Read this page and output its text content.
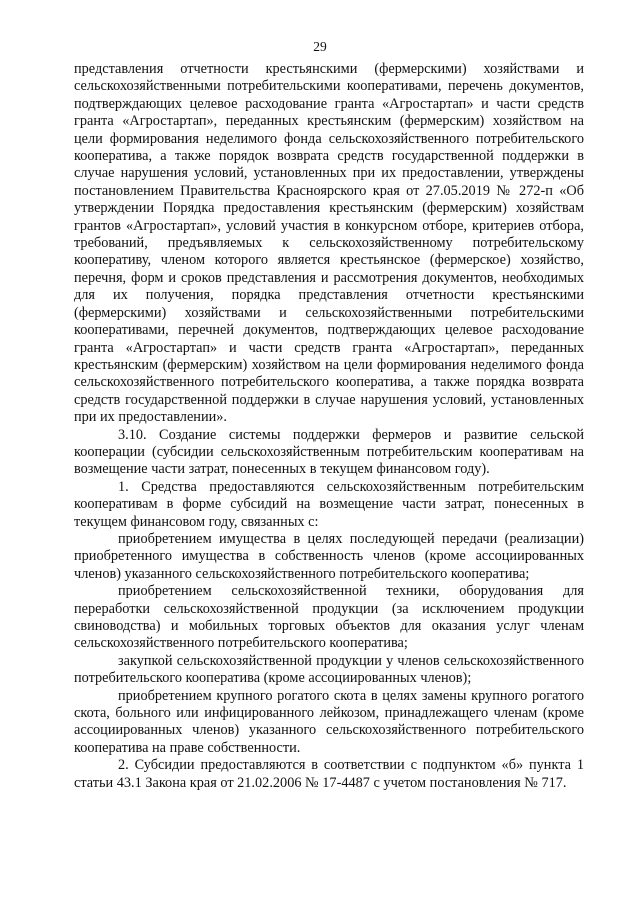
29

представления отчетности крестьянскими (фермерскими) хозяйствами и сельскохозяйственными потребительскими кооперативами, перечень документов, подтверждающих целевое расходование гранта «Агростартап» и части средств гранта «Агростартап», переданных крестьянским (фермерским) хозяйством на цели формирования неделимого фонда сельскохозяйственного потребительского кооператива, а также порядок возврата средств государственной поддержки в случае нарушения условий, установленных при их предоставлении, утверждены постановлением Правительства Красноярского края от 27.05.2019 № 272-п «Об утверждении Порядка предоставления крестьянским (фермерским) хозяйствам грантов «Агростартап», условий участия в конкурсном отборе, критериев отбора, требований, предъявляемых к сельскохозяйственному потребительскому кооперативу, членом которого является крестьянское (фермерское) хозяйство, перечня, форм и сроков представления и рассмотрения документов, необходимых для их получения, порядка представления отчетности крестьянскими (фермерскими) хозяйствами и сельскохозяйственными потребительскими кооперативами, перечней документов, подтверждающих целевое расходование гранта «Агростартап» и части средств гранта «Агростартап», переданных крестьянским (фермерским) хозяйством на цели формирования неделимого фонда сельскохозяйственного потребительского кооператива, а также порядка возврата средств государственной поддержки в случае нарушения условий, установленных при их предоставлении».

3.10. Создание системы поддержки фермеров и развитие сельской кооперации (субсидии сельскохозяйственным потребительским кооперативам на возмещение части затрат, понесенных в текущем финансовом году).

1. Средства предоставляются сельскохозяйственным потребительским кооперативам в форме субсидий на возмещение части затрат, понесенных в текущем финансовом году, связанных с:

приобретением имущества в целях последующей передачи (реализации) приобретенного имущества в собственность членов (кроме ассоциированных членов) указанного сельскохозяйственного потребительского кооператива;

приобретением сельскохозяйственной техники, оборудования для переработки сельскохозяйственной продукции (за исключением продукции свиноводства) и мобильных торговых объектов для оказания услуг членам сельскохозяйственного потребительского кооператива;

закупкой сельскохозяйственной продукции у членов сельскохозяйственного потребительского кооператива (кроме ассоциированных членов);

приобретением крупного рогатого скота в целях замены крупного рогатого скота, больного или инфицированного лейкозом, принадлежащего членам (кроме ассоциированных членов) указанного сельскохозяйственного потребительского кооператива на праве собственности.

2. Субсидии предоставляются в соответствии с подпунктом «б» пункта 1 статьи 43.1 Закона края от 21.02.2006 № 17-4487 с учетом постановления № 717.
